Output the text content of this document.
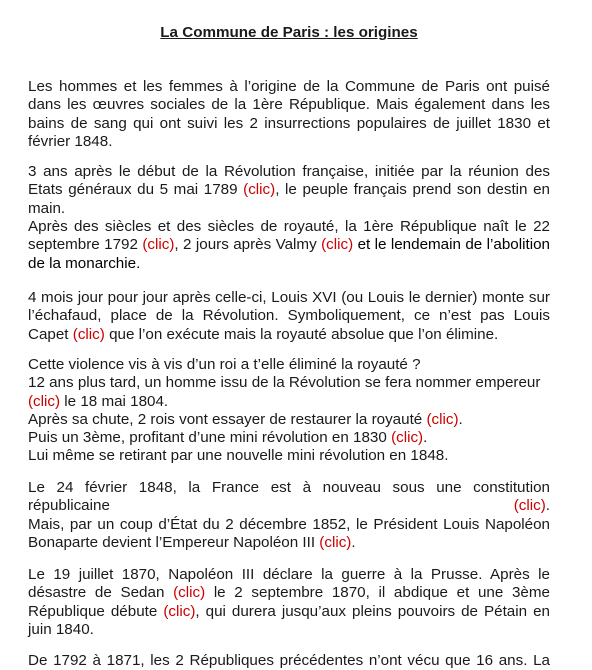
La Commune de Paris : les origines

Les hommes et les femmes à l’origine de la Commune de Paris ont puisé dans les œuvres sociales de la 1ère République. Mais également dans les bains de sang qui ont suivi les 2 insurrections populaires de juillet 1830 et février 1848.

3 ans après le début de la Révolution française, initiée par la réunion des Etats généraux du 5 mai 1789 (clic), le peuple français prend son destin en main.

Après des siècles et des siècles de royauté, la 1ère République naît le 22 septembre 1792 (clic), 2 jours après Valmy (clic) et le lendemain de l’abolition de la monarchie.

4 mois jour pour jour après celle-ci, Louis XVI (ou Louis le dernier) monte sur l’échafaud, place de la Révolution. Symboliquement, ce n’est pas Louis Capet (clic) que l’on exécute mais la royauté absolue que l’on élimine.

Cette violence vis à vis d’un roi a t’elle éliminé la royauté ?
12 ans plus tard, un homme issu de la Révolution se fera nommer empereur
(clic) le 18 mai 1804.
Après sa chute, 2 rois vont essayer de restaurer la royauté (clic).
Puis un 3ème, profitant d’une mini révolution en 1830 (clic).
Lui même se retirant par une nouvelle mini révolution en 1848.
Le 24 février 1848, la France est à nouveau sous une constitution républicaine	(clic).
Mais, par un coup d’État du 2 décembre 1852, le Président Louis Napoléon Bonaparte devient l’Empereur Napoléon III (clic).

Le 19 juillet 1870, Napoléon III déclare la guerre à la Prusse. Après le désastre de Sedan (clic) le 2 septembre 1870, il abdique et une 3ème République débute (clic), qui durera jusqu’aux pleins pouvoirs de Pétain en juin 1840.

De 1792 à 1871, les 2 Républiques précédentes n’ont vécu que 16 ans. La
